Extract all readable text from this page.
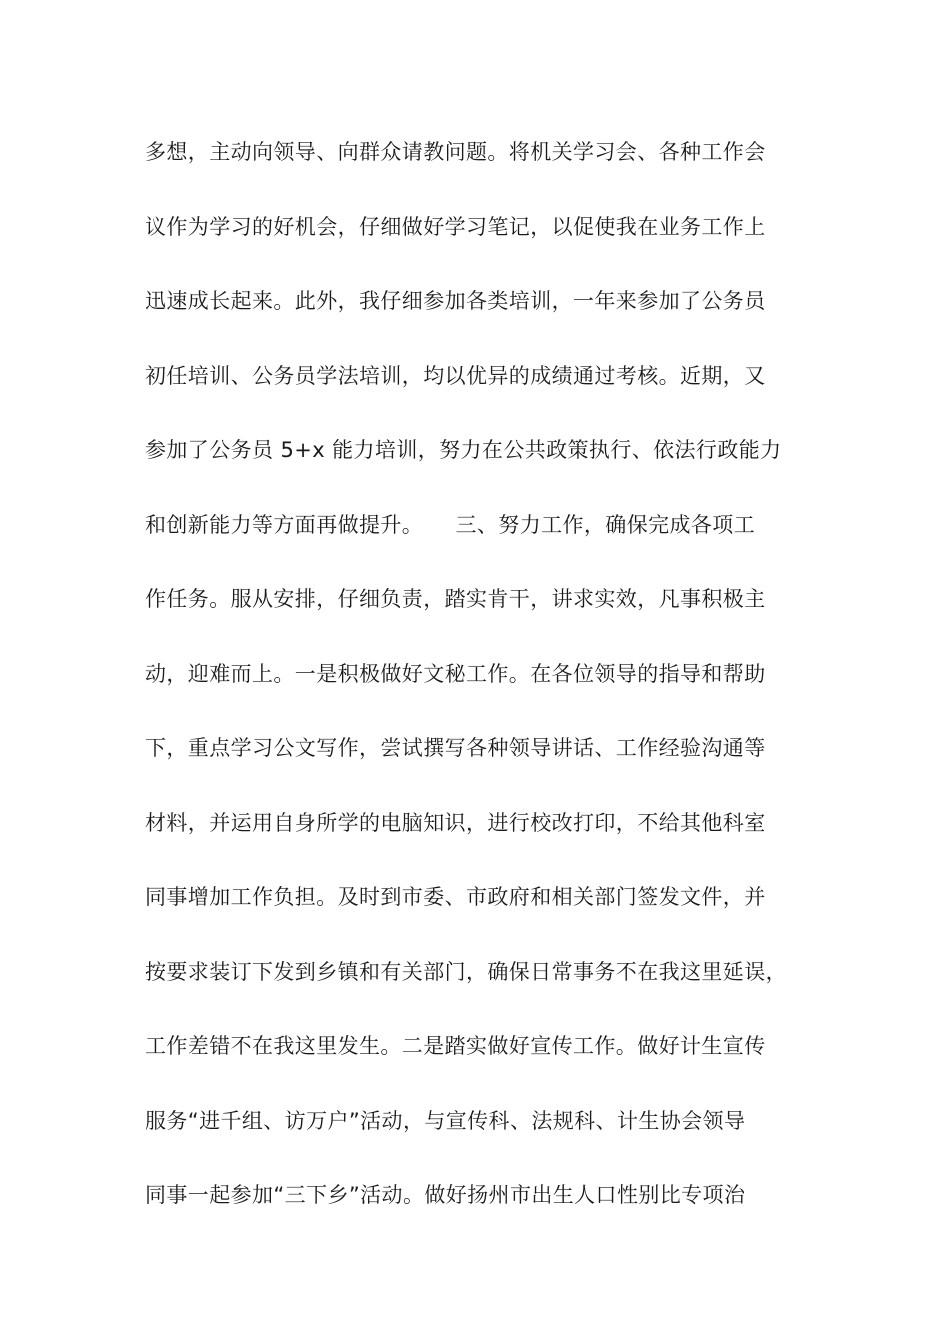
多想，主动向领导、向群众请教问题。将机关学习会、各种工作会
议作为学习的好机会，仔细做好学习笔记，以促使我在业务工作上
迅速成长起来。此外，我仔细参加各类培训，一年来参加了公务员
初任培训、公务员学法培训，均以优异的成绩通过考核。近期，又
参加了公务员 5+x 能力培训，努力在公共政策执行、依法行政能力
和创新能力等方面再做提升。　　三、努力工作，确保完成各项工
作任务。服从安排，仔细负责，踏实肯干，讲求实效，凡事积极主
动，迎难而上。一是积极做好文秘工作。在各位领导的指导和帮助
下，重点学习公文写作，尝试撰写各种领导讲话、工作经验沟通等
材料，并运用自身所学的电脑知识，进行校改打印，不给其他科室
同事增加工作负担。及时到市委、市政府和相关部门签发文件，并
按要求装订下发到乡镇和有关部门，确保日常事务不在我这里延误，
工作差错不在我这里发生。二是踏实做好宣传工作。做好计生宣传
服务“进千组、访万户”活动，与宣传科、法规科、计生协会领导
同事一起参加“三下乡”活动。做好扬州市出生人口性别比专项治
